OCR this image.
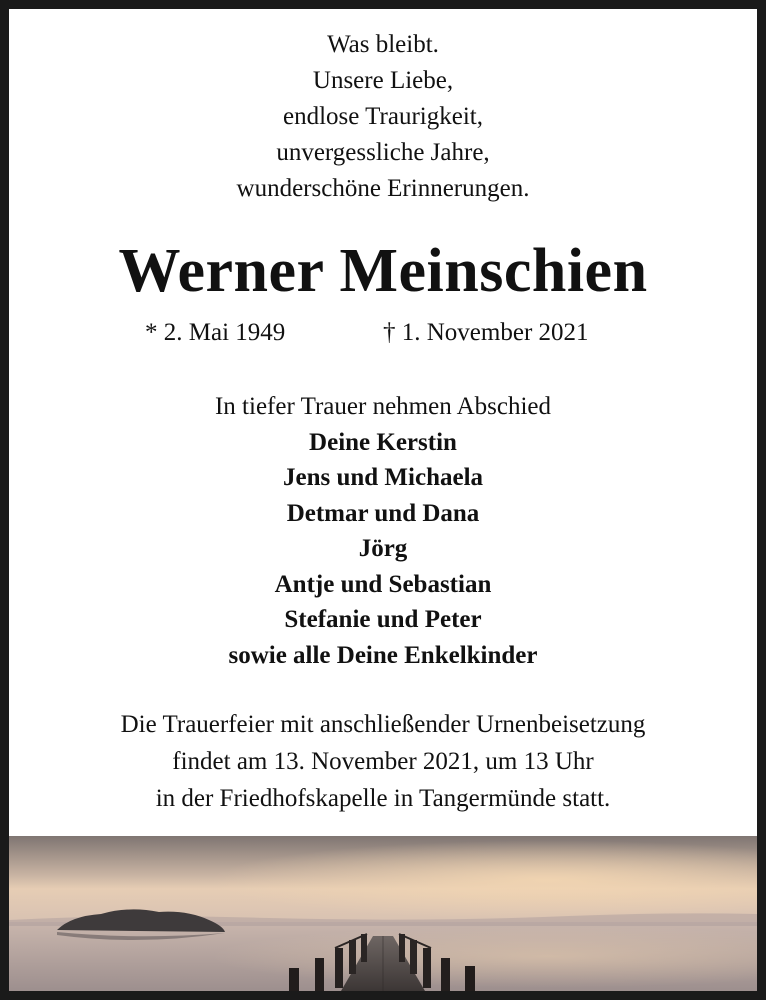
Was bleibt.
Unsere Liebe,
endlose Traurigkeit,
unvergessliche Jahre,
wunderschöne Erinnerungen.
Werner Meinschien
* 2. Mai 1949	† 1. November 2021
In tiefer Trauer nehmen Abschied
Deine Kerstin
Jens und Michaela
Detmar und Dana
Jörg
Antje und Sebastian
Stefanie und Peter
sowie alle Deine Enkelkinder
Die Trauerfeier mit anschließender Urnenbeisetzung
findet am 13. November 2021, um 13 Uhr
in der Friedhofskapelle in Tangermünde statt.
